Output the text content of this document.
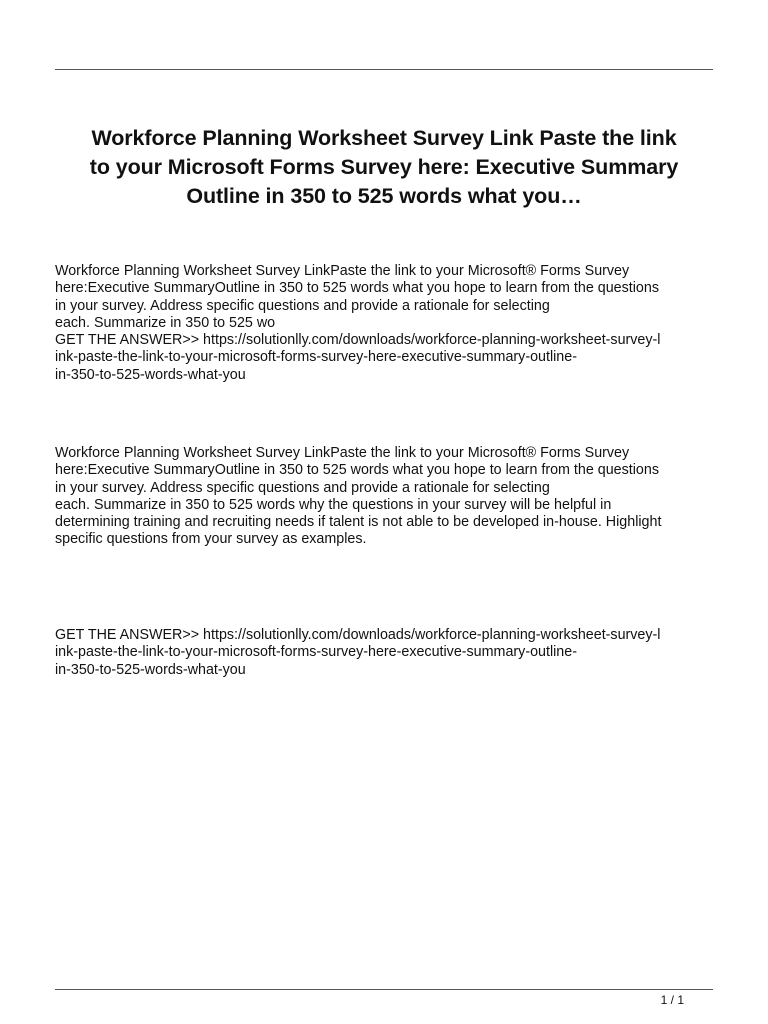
Workforce Planning Worksheet Survey Link Paste the link
to your Microsoft Forms Survey here: Executive Summary
Outline in 350 to 525 words what you…

Workforce Planning Worksheet Survey LinkPaste the link to your Microsoft® Forms Survey
here:Executive SummaryOutline in 350 to 525 words what you hope to learn from the questions
in your survey. Address specific questions and provide a rationale for selecting
each. Summarize in 350 to 525 wo
GET THE ANSWER>> https://solutionlly.com/downloads/workforce-planning-worksheet-survey-l
ink-paste-the-link-to-your-microsoft-forms-survey-here-executive-summary-outline-
in-350-to-525-words-what-you

Workforce Planning Worksheet Survey LinkPaste the link to your Microsoft® Forms Survey
here:Executive SummaryOutline in 350 to 525 words what you hope to learn from the questions
in your survey. Address specific questions and provide a rationale for selecting
each. Summarize in 350 to 525 words why the questions in your survey will be helpful in
determining training and recruiting needs if talent is not able to be developed in-house. Highlight
specific questions from your survey as examples.

GET THE ANSWER>> https://solutionlly.com/downloads/workforce-planning-worksheet-survey-l
ink-paste-the-link-to-your-microsoft-forms-survey-here-executive-summary-outline-
in-350-to-525-words-what-you

1 / 1
